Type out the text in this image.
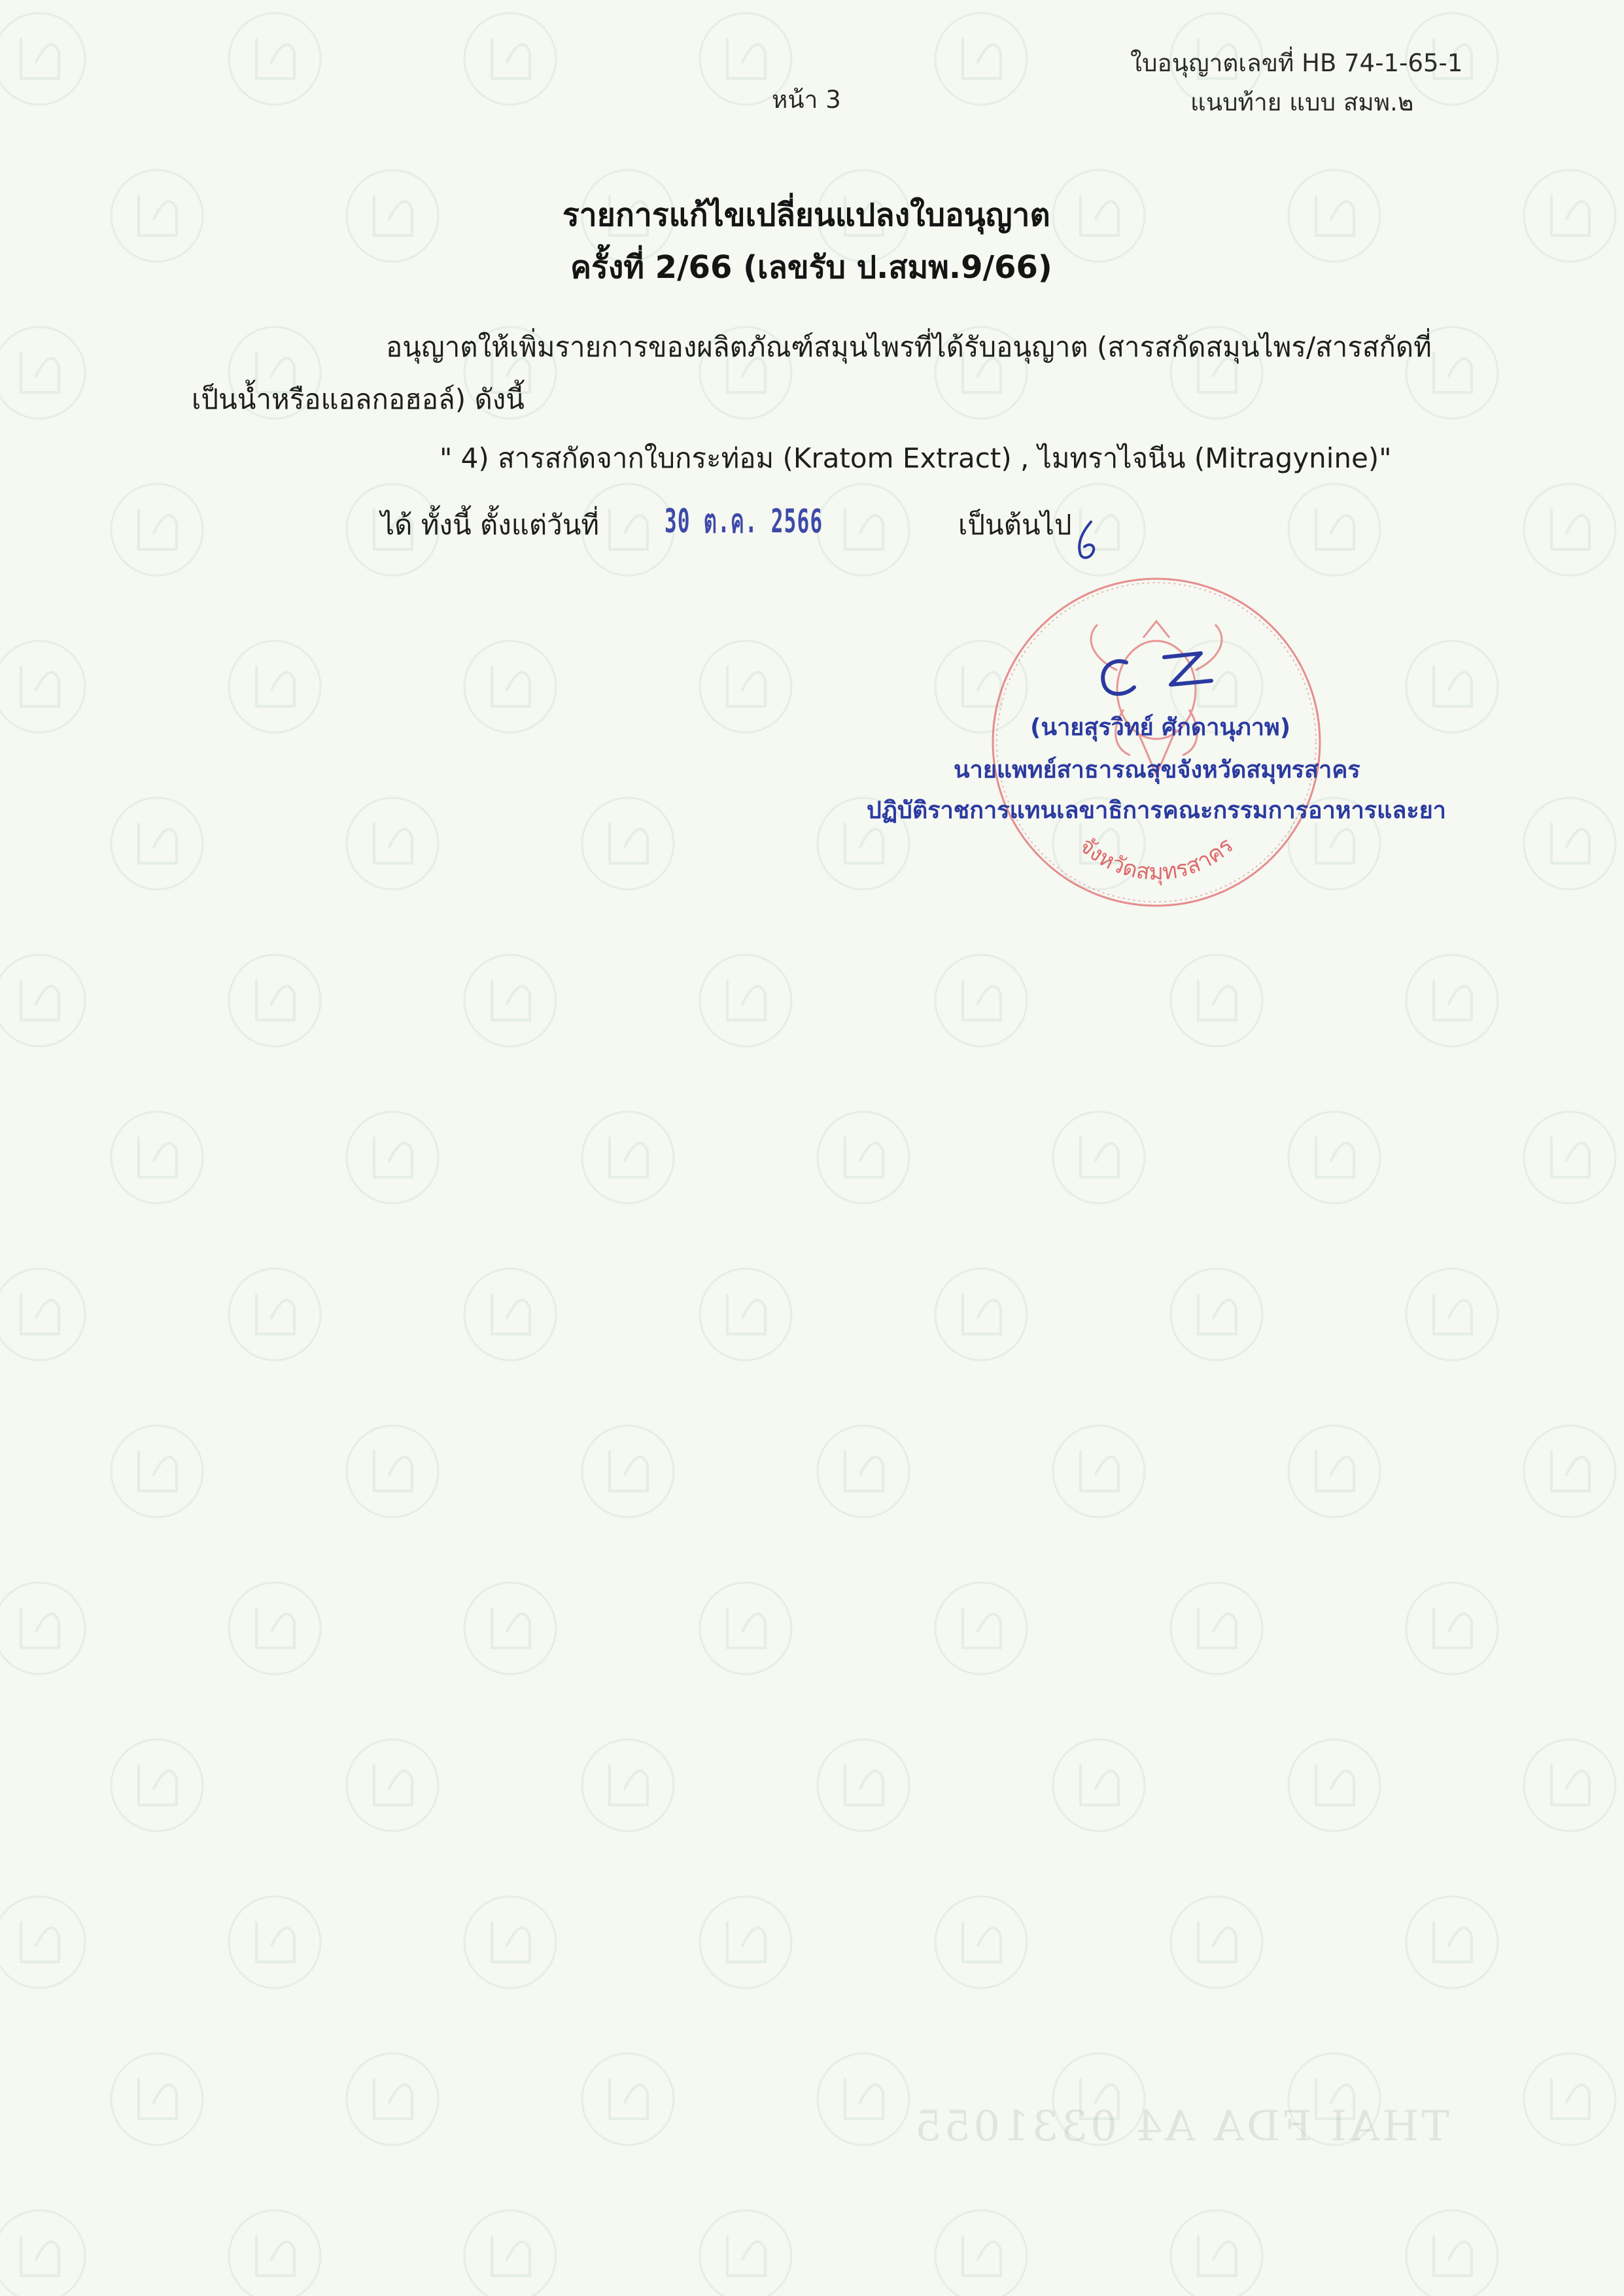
ใบอนุญาตเลขที่ HB 74-1-65-1
หน้า 3	แนบท้าย แบบ สมพ.๒
รายการแก้ไขเปลี่ยนแปลงใบอนุญาต
ครั้งที่ 2/66 (เลขรับ ป.สมพ.9/66)
อนุญาตให้เพิ่มรายการของผลิตภัณฑ์สมุนไพรที่ได้รับอนุญาต (สารสกัดสมุนไพร/สารสกัดที่
เป็นน้ำหรือแอลกอฮอล์) ดังนี้
" 4) สารสกัดจากใบกระท่อม (Kratom Extract) , ไมทราไจนีน (Mitragynine)"
ได้ ทั้งนี้ ตั้งแต่วันที่ 30 ต.ค. 2566	เป็นต้นไป
จังหวัดสมุทรสาคร
(นายสุรวิทย์ ศักดานุภาพ)
นายแพทย์สาธารณสุขจังหวัดสมุทรสาคร
ปฏิบัติราชการแทนเลขาธิการคณะกรรมการอาหารและยา
THAI FDA A4 0331055
